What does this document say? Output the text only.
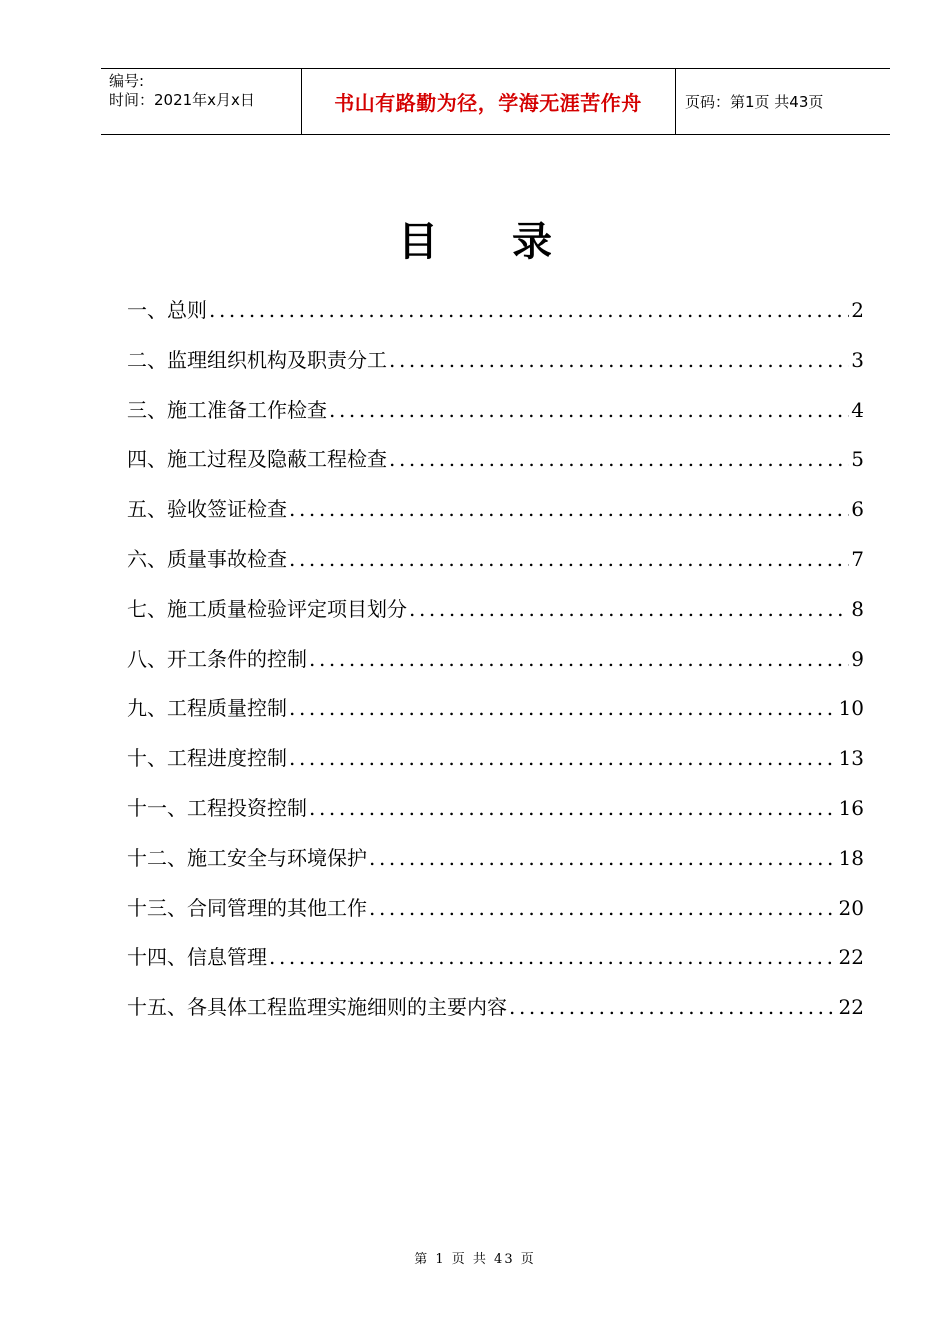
编号:
时间：2021年x月x日	书山有路勤为径，学海无涯苦作舟	页码：第1页 共43页
目录
一、总则 .....	2
二、监理组织机构及职责分工 .....	3
三、施工准备工作检查 .....	4
四、施工过程及隐蔽工程检查 .....	5
五、验收签证检查 .....	6
六、质量事故检查 .....	7
七、施工质量检验评定项目划分 .....	8
八、开工条件的控制 .....	9
九、工程质量控制 .....	10
十、工程进度控制 .....	13
十一、工程投资控制 .....	16
十二、施工安全与环境保护 .....	18
十三、合同管理的其他工作 .....	20
十四、信息管理 .....	22
十五、各具体工程监理实施细则的主要内容 .....	22
第 1 页 共 43 页
